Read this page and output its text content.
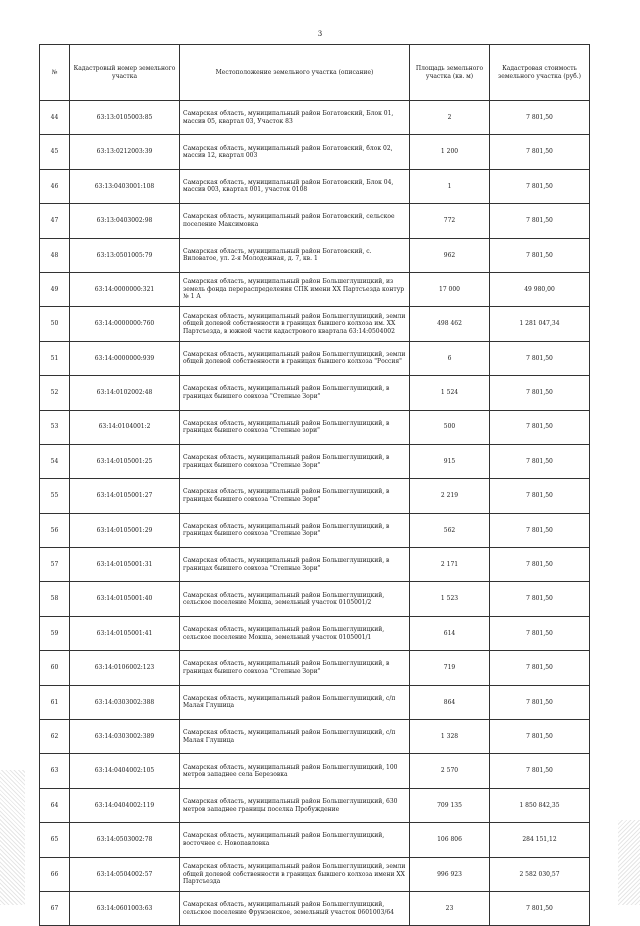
3
№	Кадастровый номер земельного участка	Местоположение земельного участка (описание)	Площадь земельного участка (кв. м)	Кадастровая стоимость земельного участка (руб.)
44	63:13:0105003:85	Самарская область, муниципальный район Богатовский, Блок 01, массив 05, квартал 03, Участок 83	2	7 801,50
45	63:13:0212003:39	Самарская область, муниципальный район Богатовский, блок 02, массив 12, квартал 003	1 200	7 801,50
46	63:13:0403001:108	Самарская область, муниципальный район Богатовский, Блок 04, массив 003, квартал 001, участок 0108	1	7 801,50
47	63:13:0403002:98	Самарская область, муниципальный район Богатовский, сельское поселение Максимовка	772	7 801,50
48	63:13:0501005:79	Самарская область, муниципальный район Богатовский, с. Виловатое, ул. 2-я Молодежная, д. 7, кв. 1	962	7 801,50
49	63:14:0000000:321	Самарская область, муниципальный район Большеглушицкий, из земель фонда перераспределения СПК имени XX Партсъезда контур № 1 А	17 000	49 980,00
50	63:14:0000000:760	Самарская область, муниципальный район Большеглушицкий, земли общей долевой собственности в границах бывшего колхоза им. XX Партсъезда, в южной части кадастрового квартала 63:14:0504002	498 462	1 281 047,34
51	63:14:0000000:939	Самарская область, муниципальный район Большеглушицкий, земли общей долевой собственности в границах бывшего колхоза "Россия"	6	7 801,50
52	63:14:0102002:48	Самарская область, муниципальный район Большеглушицкий, в границах бывшего совхоза "Степные Зори"	1 524	7 801,50
53	63:14:0104001:2	Самарская область, муниципальный район Большеглушицкий, в границах бывшего совхоза "Степные зори"	500	7 801,50
54	63:14:0105001:25	Самарская область, муниципальный район Большеглушицкий, в границах бывшего совхоза "Степные Зори"	915	7 801,50
55	63:14:0105001:27	Самарская область, муниципальный район Большеглушицкий, в границах бывшего совхоза "Степные Зори"	2 219	7 801,50
56	63:14:0105001:29	Самарская область, муниципальный район Большеглушицкий, в границах бывшего совхоза "Степные Зори"	562	7 801,50
57	63:14:0105001:31	Самарская область, муниципальный район Большеглушицкий, в границах бывшего совхоза "Степные Зори"	2 171	7 801,50
58	63:14:0105001:40	Самарская область, муниципальный район Большеглушицкий, сельское поселение Мокша, земельный участок 0105001/2	1 523	7 801,50
59	63:14:0105001:41	Самарская область, муниципальный район Большеглушицкий, сельское поселение Мокша, земельный участок 0105001/1	614	7 801,50
60	63:14:0106002:123	Самарская область, муниципальный район Большеглушицкий, в границах бывшего совхоза "Степные Зори"	719	7 801,50
61	63:14:0303002:388	Самарская область, муниципальный район Большеглушицкий, с/п Малая Глушица	864	7 801,50
62	63:14:0303002:389	Самарская область, муниципальный район Большеглушицкий, с/п Малая Глушица	1 328	7 801,50
63	63:14:0404002:105	Самарская область, муниципальный район Большеглушицкий, 100 метров западнее села Березовка	2 570	7 801,50
64	63:14:0404002:119	Самарская область, муниципальный район Большеглушицкий, 630 метров западнее границы поселка Пробуждение	709 135	1 850 842,35
65	63:14:0503002:78	Самарская область, муниципальный район Большеглушицкий, восточнее с. Новопавловка	106 806	284 151,12
66	63:14:0504002:57	Самарская область, муниципальный район Большеглушицкий, земли общей долевой собственности в границах бывшего колхоза имени XX Партсъезда	996 923	2 582 030,57
67	63:14:0601003:63	Самарская область, муниципальный район Большеглушицкий, сельское поселение Фрунзенское, земельный участок 0601003/64	23	7 801,50
